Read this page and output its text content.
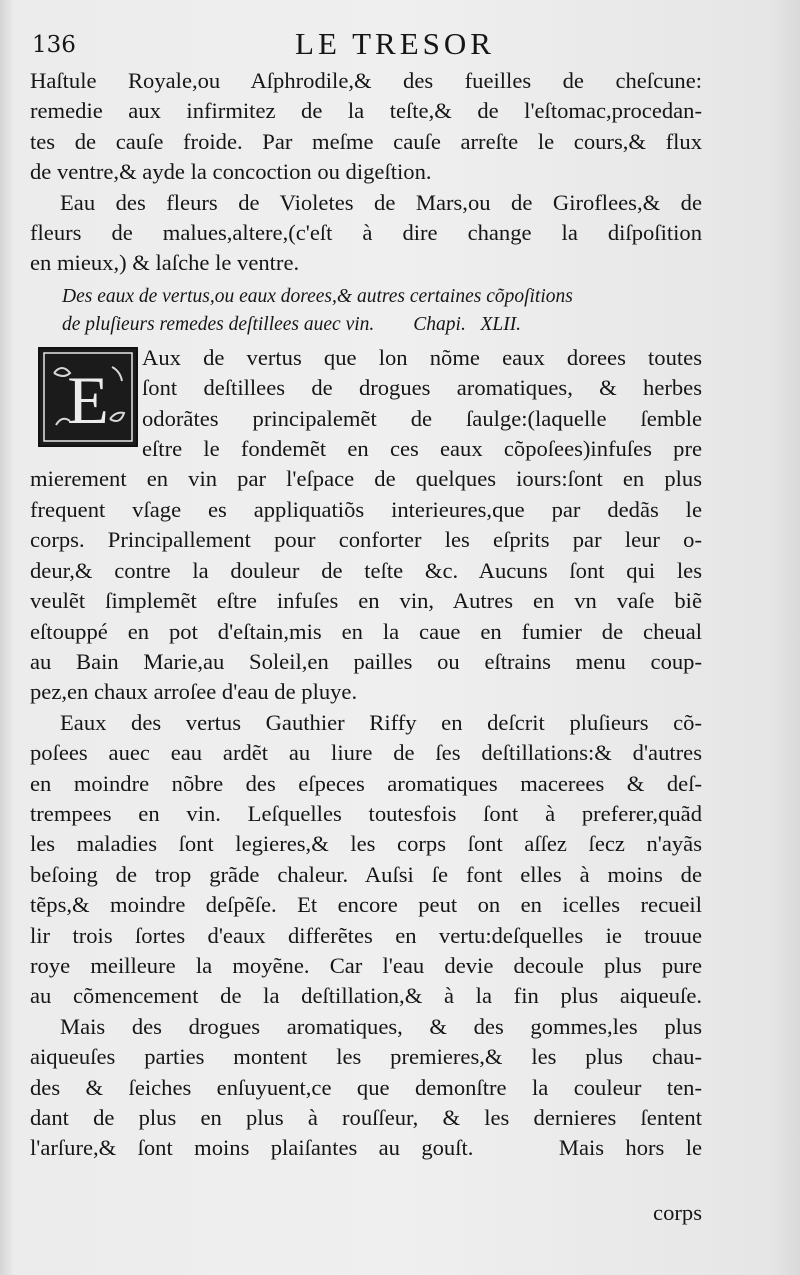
136	LE TRESOR
Haſtule Royale,ou Aſphrodile,& des fueilles de cheſcune:
remedie aux infirmitez de la teſte,& de l'eſtomac,procedan-
tes de cauſe froide. Par meſme cauſe arreſte le cours,& flux
de ventre,& ayde la concoction ou digeſtion.
Eau des fleurs de Violetes de Mars,ou de Giroflees,& de
fleurs de malues,altere,(c'eſt à dire change la diſpoſition
en mieux,) & laſche le ventre.
Des eaux de vertus,ou eaux dorees,& autres certaines cõpoſitions
de pluſieurs remedes deſtillees auec vin.        Chapi.   XLII.
E
Aux de vertus que lon nõme eaux dorees toutes
ſont deſtillees de drogues aromatiques, & herbes
odorãtes principalemẽt de ſaulge:(laquelle ſemble
eſtre le fondemẽt en ces eaux cõpoſees)infuſes pre
mierement en vin par l'eſpace de quelques iours:ſont en plus
frequent vſage es appliquatiõs interieures,que par dedãs le
corps. Principallement pour conforter les eſprits par leur o-
deur,& contre la douleur de teſte &c. Aucuns ſont qui les
veulẽt ſimplemẽt eſtre infuſes en vin, Autres en vn vaſe biẽ
eſtouppé en pot d'eſtain,mis en la caue en fumier de cheual
au Bain Marie,au Soleil,en pailles ou eſtrains menu coup-
pez,en chaux arroſee d'eau de pluye.
Eaux des vertus Gauthier Riffy en deſcrit pluſieurs cõ-
poſees auec eau ardẽt au liure de ſes deſtillations:& d'autres
en moindre nõbre des eſpeces aromatiques macerees & deſ-
trempees en vin. Leſquelles toutesfois ſont à preferer,quãd
les maladies ſont legieres,& les corps ſont aſſez ſecz n'ayãs
beſoing de trop grãde chaleur. Auſsi ſe font elles à moins de
tẽps,& moindre deſpẽſe. Et encore peut on en icelles recueil
lir trois ſortes d'eaux differẽtes en vertu:deſquelles ie trouue
roye meilleure la moyẽne. Car l'eau devie decoule plus pure
au cõmencement de la deſtillation,& à la fin plus aiqueuſe.
Mais des drogues aromatiques, & des gommes,les plus
aiqueuſes parties montent les premieres,& les plus chau-
des & ſeiches enſuyuent,ce que demonſtre la couleur ten-
dant de plus en plus à rouſſeur, & les dernieres ſentent
l'arſure,& ſont moins plaiſantes au gouſt.    Mais hors le
corps
